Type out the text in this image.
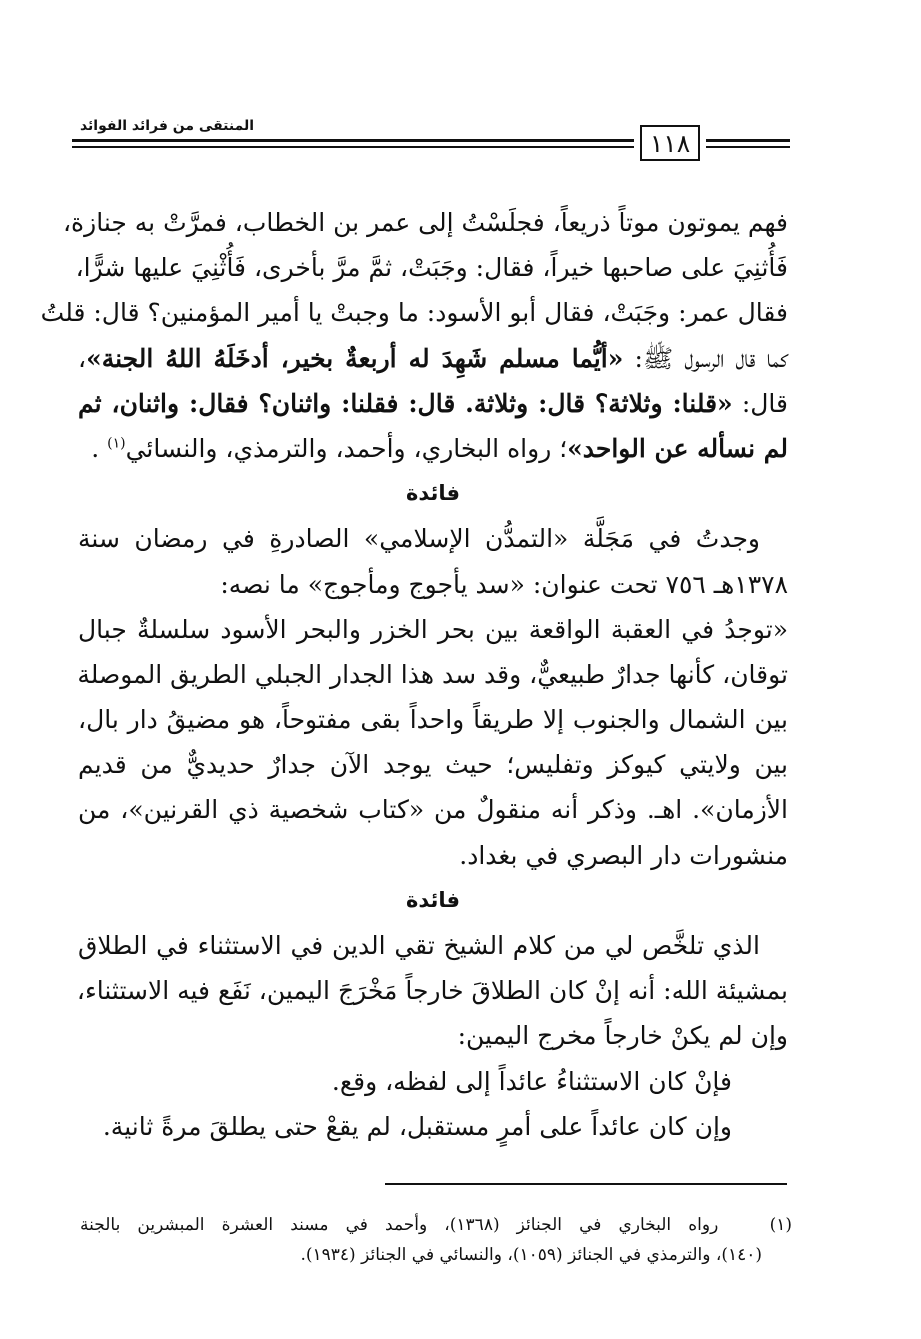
المنتقى من فرائد الفوائد
١١٨
فهم يموتون موتاً ذريعاً، فجلَسْتُ إلى عمر بن الخطاب، فمرَّتْ به جنازة،
فَأُثنِيَ على صاحبها خيراً، فقال: وجَبَتْ، ثمَّ مرَّ بأخرى، فَأُثْنِيَ عليها شرًّا،
فقال عمر: وجَبَتْ، فقال أبو الأسود: ما وجبتْ يا أمير المؤمنين؟ قال: قلتُ
كما قال الرسول ﷺ: «أيُّما مسلم شَهِدَ له أربعةٌ بخير، أدخَلَهُ اللهُ الجنة»،
قال: «قلنا: وثلاثة؟ قال: وثلاثة. قال: فقلنا: واثنان؟ فقال: واثنان، ثم
لم نسأله عن الواحد»؛ رواه البخاري، وأحمد، والترمذي، والنسائي$^{(١)}$ .
فائدة
وجدتُ في مَجَلَّة «التمدُّن الإسلامي» الصادرةِ في رمضان سنة
١٣٧٨هـ ٧٥٦ تحت عنوان: «سد يأجوج ومأجوج» ما نصه:
«توجدُ في العقبة الواقعة بين بحر الخزر والبحر الأسود سلسلةٌ جبال
توقان، كأنها جدارٌ طبيعيٌّ، وقد سد هذا الجدار الجبلي الطريق الموصلة
بين الشمال والجنوب إلا طريقاً واحداً بقى مفتوحاً، هو مضيقُ دار بال،
بين ولايتي كيوكز وتفليس؛ حيث يوجد الآن جدارٌ حديديٌّ من قديم
الأزمان». اهـ. وذكر أنه منقولٌ من «كتاب شخصية ذي القرنين»، من
منشورات دار البصري في بغداد.
فائدة
الذي تلخَّص لي من كلام الشيخ تقي الدين في الاستثناء في الطلاق
بمشيئة الله: أنه إنْ كان الطلاقَ خارجاً مَخْرَجَ اليمين، نَفَع فيه الاستثناء،
وإن لم يكنْ خارجاً مخرج اليمين:
فإنْ كان الاستثناءُ عائداً إلى لفظه، وقع.
وإن كان عائداً على أمرٍ مستقبل، لم يقعْ حتى يطلقَ مرةً ثانية.
(١)   رواه البخاري في الجنائز (١٣٦٨)، وأحمد في مسند العشرة المبشرين بالجنة
(١٤٠)، والترمذي في الجنائز (١٠٥٩)، والنسائي في الجنائز (١٩٣٤).
